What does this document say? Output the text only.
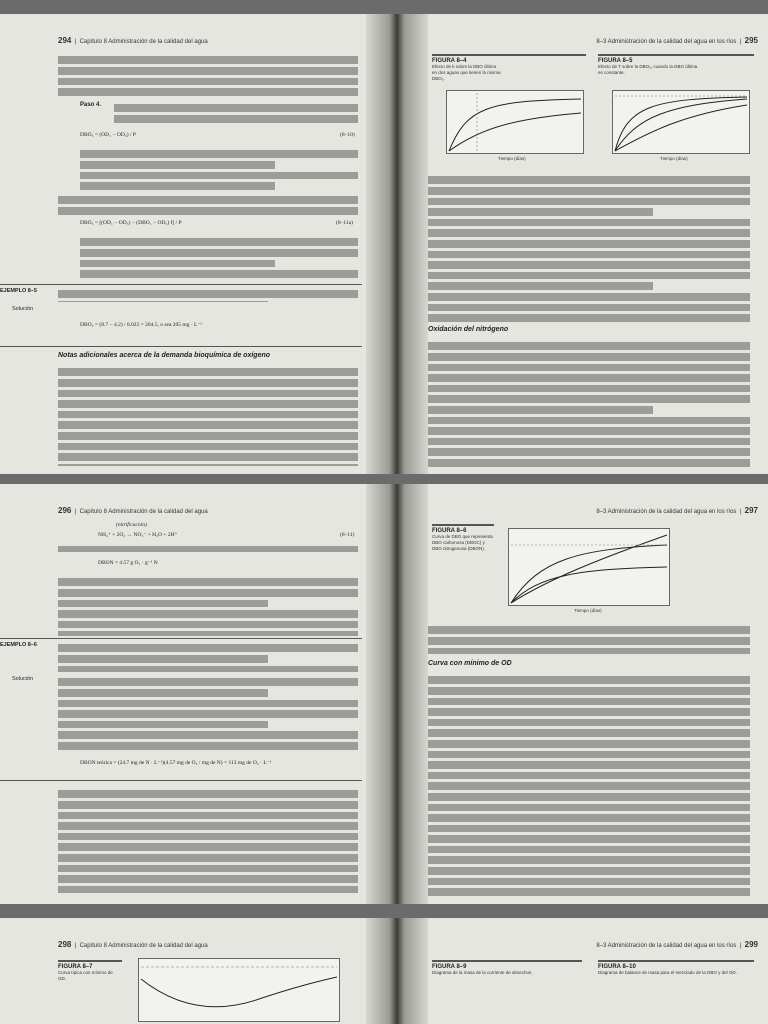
294  |  Capítulo 8 Administración de la calidad del agua
Paso 4.
DBO₅ = (OD₁ − OD₅) / P	(8–10)
DBO₅ = [(OD₁ − OD₅) − (DBO₁ − OD₅) f] / P	(8–11a)
EJEMPLO 8–5
Solución
DBO₅ = (8.7 − 4.2) / 0.022 = 204.5, o sea 205 mg · L⁻¹
Notas adicionales acerca de la demanda bioquímica de oxígeno
8–3 Administración de la calidad del agua en los ríos  |  295
FIGURA 8–4
Efecto de k sobre la DBO última en dos aguas que tienen la misma DBO₅.
Tiempo (días)
FIGURA 8–5
Efecto de T sobre la DBO₅, cuando la DBO última es constante.
Tiempo (días)
Oxidación del nitrógeno
296  |  Capítulo 8 Administración de la calidad del agua
(nitrificación)
NH₄⁺ + 2O₂ → NO₃⁻ + H₂O + 2H⁺	(8–11)
DBON = 4.57 g O₂ · g⁻¹ N
EJEMPLO 8–6
Solución
DBON teórica = (24.7 mg de N · L⁻¹)(4.57 mg de O₂ / mg de N) = 113 mg de O₂ · L⁻¹
8–3 Administración de la calidad del agua en los ríos  |  297
FIGURA 8–6
Curva de DBO que representa DBO carbonosa (DBOC) y DBO nitrogenosa (DBON).
Tiempo (días)
Curva con mínimo de OD
298  |  Capítulo 8 Administración de la calidad del agua
FIGURA 8–7
Curva típica con mínimo de OD.
8–3 Administración de la calidad del agua en los ríos  |  299
FIGURA 8–9
Diagrama de la masa de la corriente de desechos.
FIGURA 8–10
Diagrama de balance de masa para el mezclado de la DBO y del OD.
